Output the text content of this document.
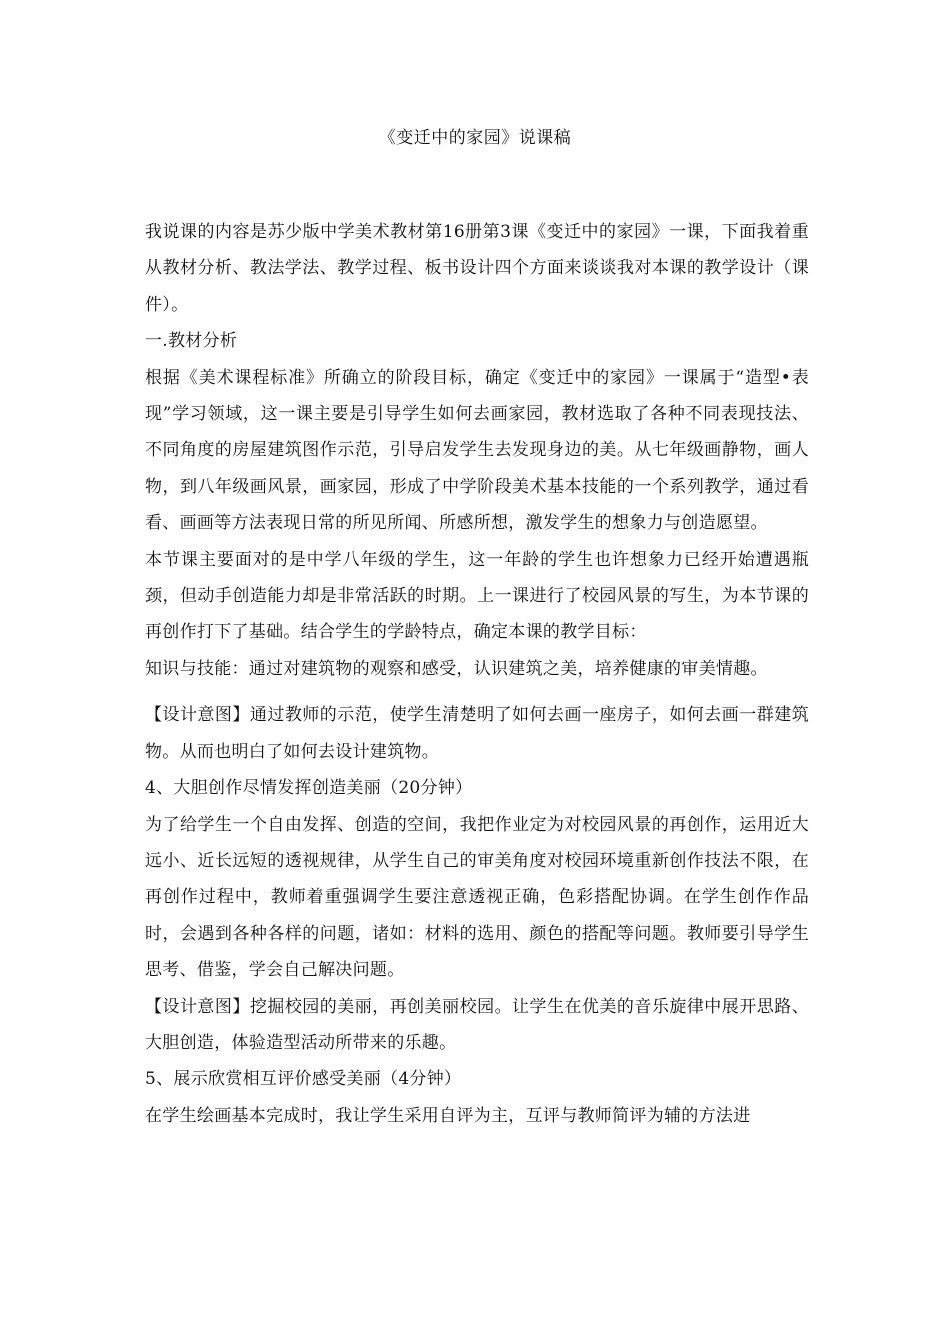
《变迁中的家园》说课稿

我说课的内容是苏少版中学美术教材第16册第3课《变迁中的家园》一课，下面我着重从教材分析、教法学法、教学过程、板书设计四个方面来谈谈我对本课的教学设计（课件）。

一.教材分析

根据《美术课程标准》所确立的阶段目标，确定《变迁中的家园》一课属于“造型•表现”学习领域，这一课主要是引导学生如何去画家园，教材选取了各种不同表现技法、不同角度的房屋建筑图作示范，引导启发学生去发现身边的美。从七年级画静物，画人物，到八年级画风景，画家园，形成了中学阶段美术基本技能的一个系列教学，通过看看、画画等方法表现日常的所见所闻、所感所想，激发学生的想象力与创造愿望。

本节课主要面对的是中学八年级的学生，这一年龄的学生也许想象力已经开始遭遇瓶颈，但动手创造能力却是非常活跃的时期。上一课进行了校园风景的写生，为本节课的再创作打下了基础。结合学生的学龄特点，确定本课的教学目标：

知识与技能：通过对建筑物的观察和感受，认识建筑之美，培养健康的审美情趣。

【设计意图】通过教师的示范，使学生清楚明了如何去画一座房子，如何去画一群建筑物。从而也明白了如何去设计建筑物。

4、大胆创作尽情发挥创造美丽（20分钟）

为了给学生一个自由发挥、创造的空间，我把作业定为对校园风景的再创作，运用近大远小、近长远短的透视规律，从学生自己的审美角度对校园环境重新创作技法不限，在再创作过程中，教师着重强调学生要注意透视正确，色彩搭配协调。在学生创作作品时，会遇到各种各样的问题，诸如：材料的选用、颜色的搭配等问题。教师要引导学生思考、借鉴，学会自己解决问题。

【设计意图】挖掘校园的美丽，再创美丽校园。让学生在优美的音乐旋律中展开思路、大胆创造，体验造型活动所带来的乐趣。

5、展示欣赏相互评价感受美丽（4分钟）

在学生绘画基本完成时，我让学生采用自评为主，互评与教师简评为辅的方法进
